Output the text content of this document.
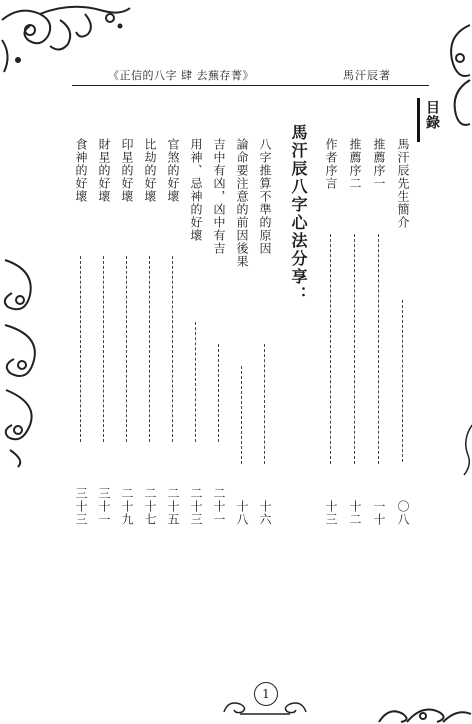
《正信的八字 肆 去蕪存菁》	馬汗辰著
目錄
馬汗辰先生簡介
〇八
推薦序一
一十
推薦序二
十二
作者序言
十三
馬汗辰八字心法分享：
八字推算不準的原因
十六
論命要注意的前因後果
十八
吉中有凶，凶中有吉
二十一
用神、忌神的好壞
二十三
官煞的好壞
二十五
比劫的好壞
二十七
印星的好壞
二十九
財星的好壞
三十一
食神的好壞
三十三
1
